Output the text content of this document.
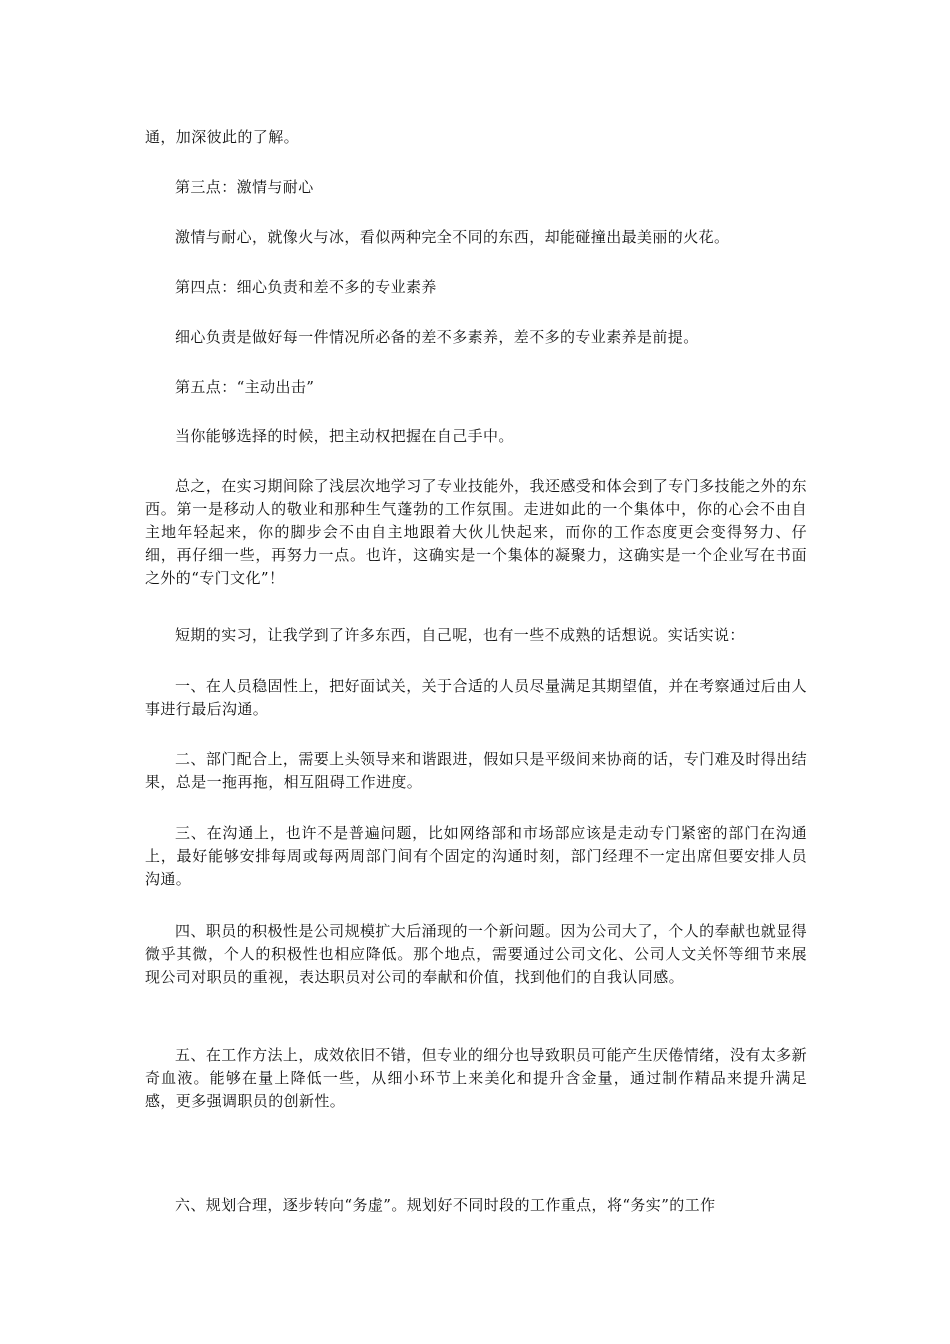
通，加深彼此的了解。

第三点：激情与耐心

激情与耐心，就像火与冰，看似两种完全不同的东西，却能碰撞出最美丽的火花。

第四点：细心负责和差不多的专业素养

细心负责是做好每一件情况所必备的差不多素养，差不多的专业素养是前提。

第五点：“主动出击”

当你能够选择的时候，把主动权把握在自己手中。

总之，在实习期间除了浅层次地学习了专业技能外，我还感受和体会到了专门多技能之外的东西。第一是移动人的敬业和那种生气蓬勃的工作氛围。走进如此的一个集体中，你的心会不由自主地年轻起来，你的脚步会不由自主地跟着大伙儿快起来，而你的工作态度更会变得努力、仔细，再仔细一些，再努力一点。也许，这确实是一个集体的凝聚力，这确实是一个企业写在书面之外的“专门文化”！

短期的实习，让我学到了许多东西，自己呢，也有一些不成熟的话想说。实话实说：

一、在人员稳固性上，把好面试关，关于合适的人员尽量满足其期望值，并在考察通过后由人事进行最后沟通。

二、部门配合上，需要上头领导来和谐跟进，假如只是平级间来协商的话，专门难及时得出结果，总是一拖再拖，相互阻碍工作进度。

三、在沟通上，也许不是普遍问题，比如网络部和市场部应该是走动专门紧密的部门在沟通上，最好能够安排每周或每两周部门间有个固定的沟通时刻，部门经理不一定出席但要安排人员沟通。

四、职员的积极性是公司规模扩大后涌现的一个新问题。因为公司大了，个人的奉献也就显得微乎其微，个人的积极性也相应降低。那个地点，需要通过公司文化、公司人文关怀等细节来展现公司对职员的重视，表达职员对公司的奉献和价值，找到他们的自我认同感。

五、在工作方法上，成效依旧不错，但专业的细分也导致职员可能产生厌倦情绪，没有太多新奇血液。能够在量上降低一些，从细小环节上来美化和提升含金量，通过制作精品来提升满足感，更多强调职员的创新性。

六、规划合理，逐步转向“务虚”。规划好不同时段的工作重点，将“务实”的工作
